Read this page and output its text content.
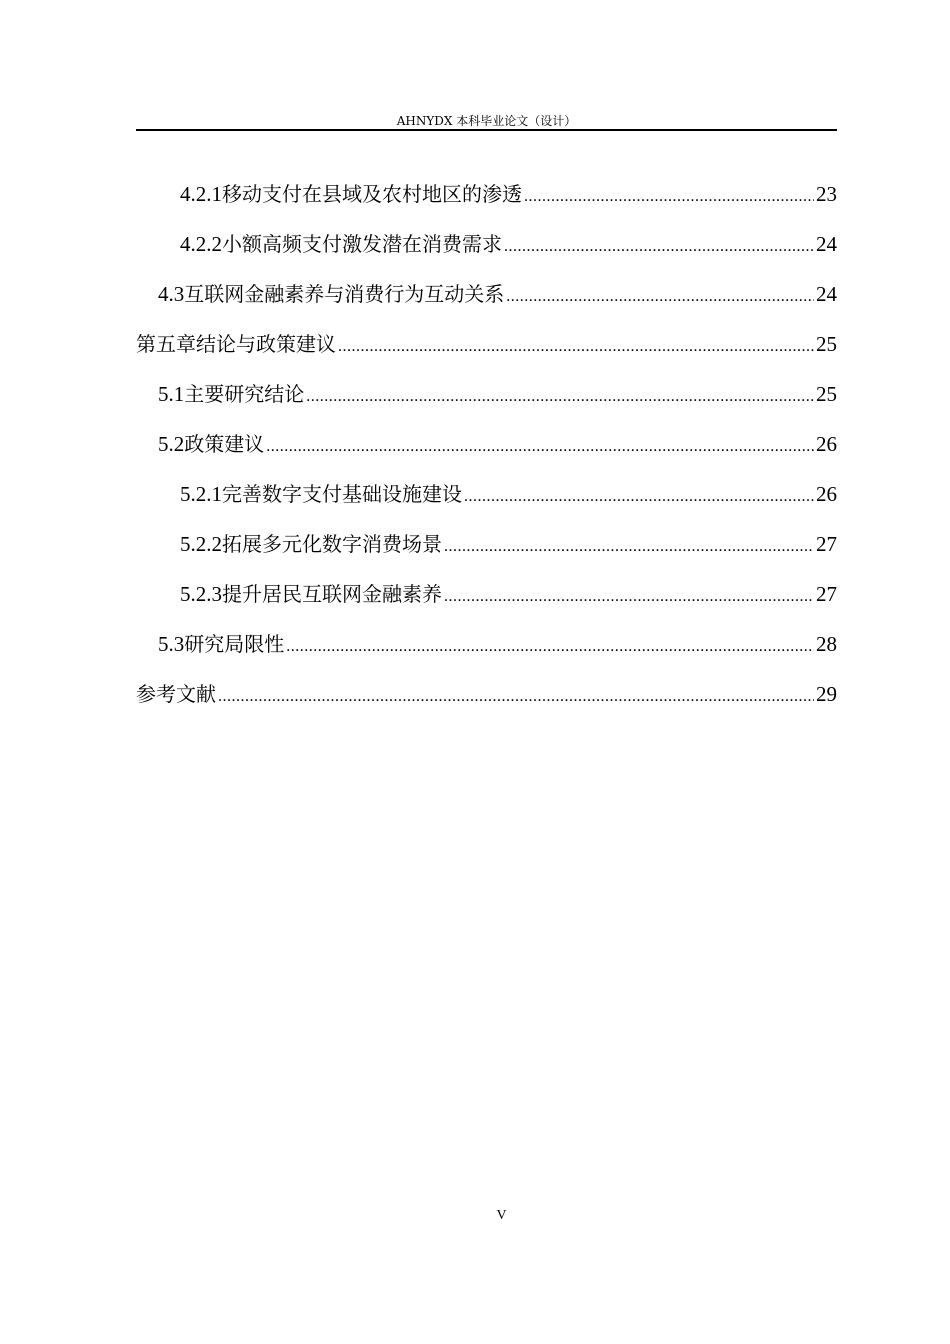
AHNYDX 本科毕业论文（设计）
4.2.1 移动支付在县域及农村地区的渗透 .....	23
4.2.2 小额高频支付激发潜在消费需求 .....	24
4.3 互联网金融素养与消费行为互动关系 .....	24
第五章结论与政策建议 .....	25
5.1 主要研究结论 .....	25
5.2 政策建议 .....	26
5.2.1 完善数字支付基础设施建设 .....	26
5.2.2 拓展多元化数字消费场景 .....	27
5.2.3 提升居民互联网金融素养 .....	27
5.3 研究局限性 .....	28
参考文献 .....	29
V
